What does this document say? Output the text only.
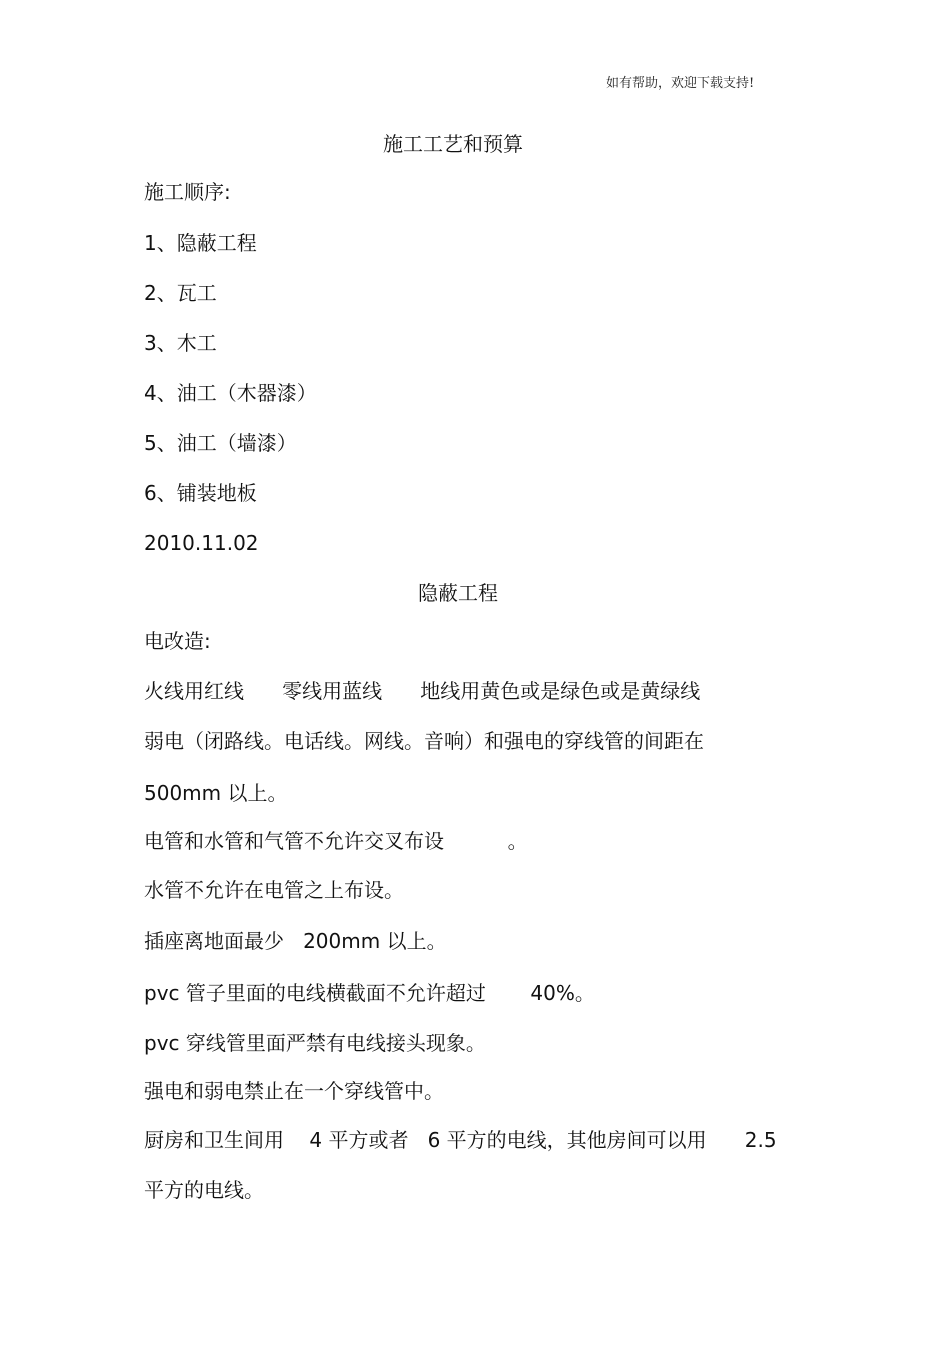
如有帮助，欢迎下载支持!
施工工艺和预算
施工顺序:
1、隐蔽工程
2、瓦工
3、木工
4、油工（木器漆）
5、油工（墙漆）
6、铺装地板
2010.11.02
隐蔽工程
电改造:
火线用红线      零线用蓝线      地线用黄色或是绿色或是黄绿线
弱电（闭路线。电话线。网线。音响）和强电的穿线管的间距在
500mm 以上。
电管和水管和气管不允许交叉布设          。
水管不允许在电管之上布设。
插座离地面最少   200mm 以上。
pvc 管子里面的电线横截面不允许超过       40%。
pvc 穿线管里面严禁有电线接头现象。
强电和弱电禁止在一个穿线管中。
厨房和卫生间用    4 平方或者   6 平方的电线，其他房间可以用      2.5
平方的电线。
